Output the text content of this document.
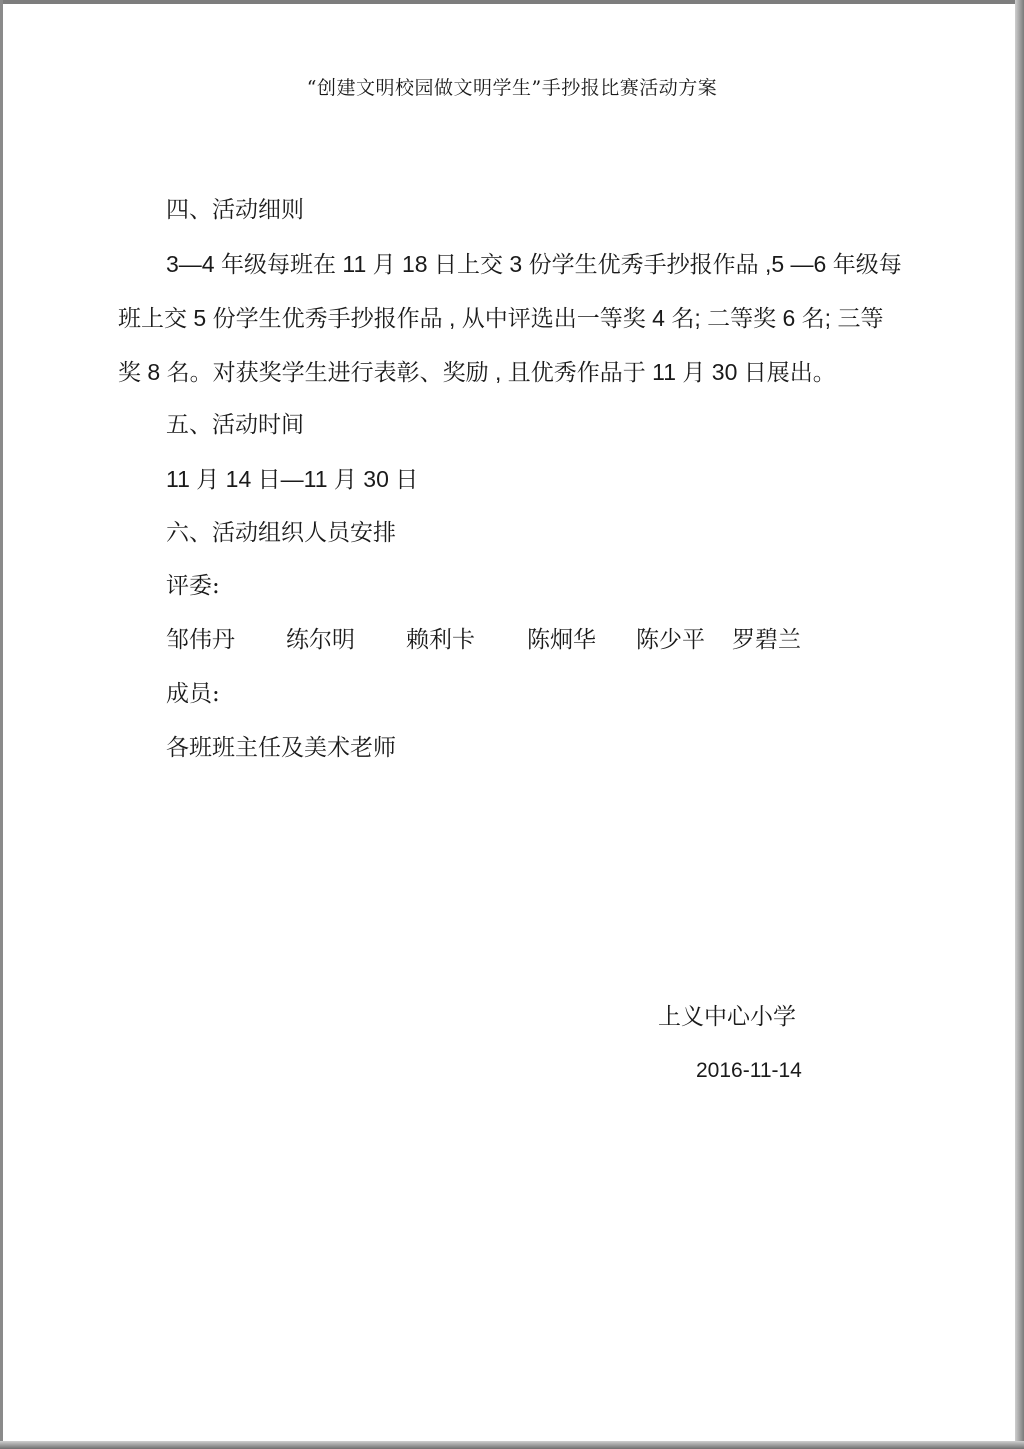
“创建文明校园做文明学生”手抄报比赛活动方案
四、活动细则
3—4 年级每班在 11 月 18 日上交 3 份学生优秀手抄报作品 ,5 —6 年级每
班上交 5 份学生优秀手抄报作品 , 从中评选出一等奖 4 名; 二等奖 6 名; 三等
奖 8 名。对获奖学生进行表彰、奖励 , 且优秀作品于 11 月 30 日展出。
五、活动时间
11 月 14 日—11 月 30 日
六、活动组织人员安排
评委:
邹伟丹 练尔明 赖利卡 陈炯华 陈少平 罗碧兰
成员:
各班班主任及美术老师
上义中心小学
2016-11-14
